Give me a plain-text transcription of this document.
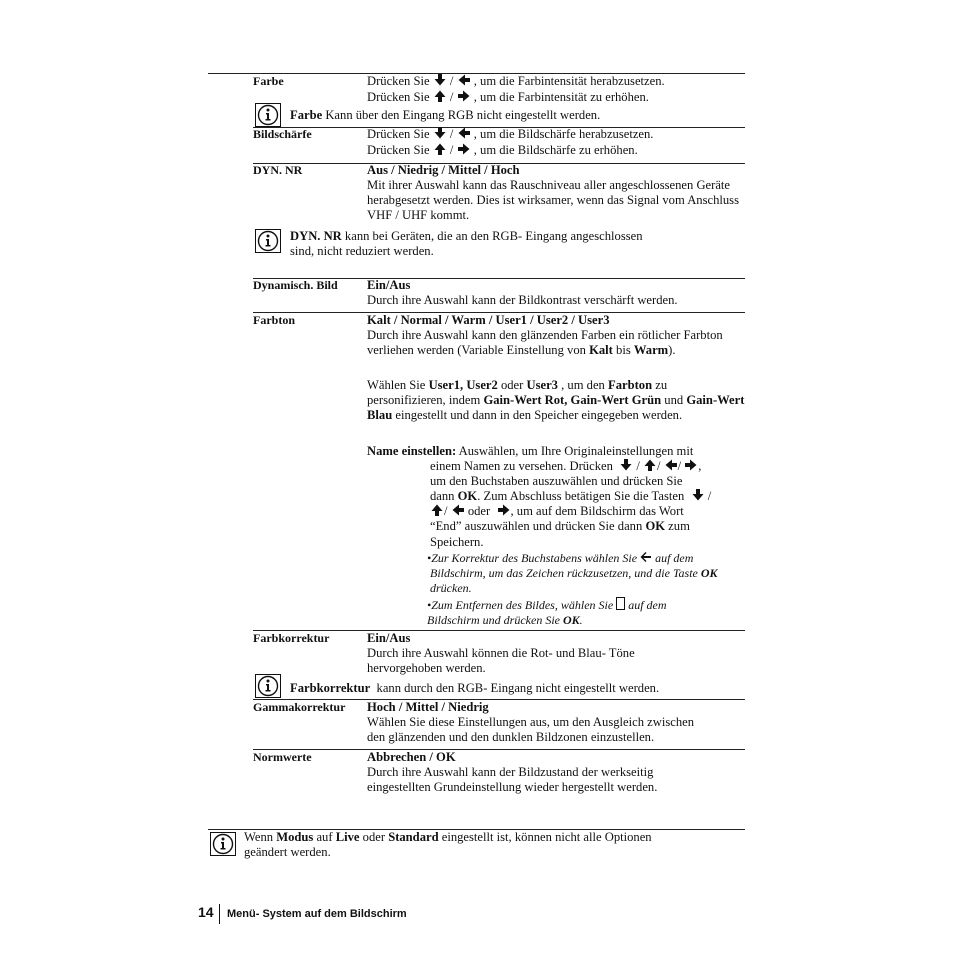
Farbe	Drücken Sie  /  , um die Farbintensität herabzusetzen.
Drücken Sie  /  , um die Farbintensität zu erhöhen.
Farbe Kann über den Eingang RGB nicht eingestellt werden.
Bildschärfe	Drücken Sie  /  , um die Bildschärfe herabzusetzen.
Drücken Sie  /  , um die Bildschärfe zu erhöhen.
DYN. NR	Aus / Niedrig / Mittel / Hoch
Mit ihrer Auswahl kann das Rauschniveau aller angeschlossenen Geräte herabgesetzt werden. Dies ist wirksamer, wenn das Signal vom Anschluss VHF / UHF kommt.
DYN. NR kann bei Geräten, die an den RGB- Eingang angeschlossen
sind, nicht reduziert werden.
Dynamisch. Bild Ein/Aus
Durch ihre Auswahl kann der Bildkontrast verschärft werden.
Farbton	Kalt / Normal / Warm / User1 / User2 / User3
Durch ihre Auswahl kann den glänzenden Farben ein rötlicher Farbton verliehen werden (Variable Einstellung von Kalt bis Warm).
Wählen Sie User1, User2 oder User3 , um den Farbton zu personifizieren, indem Gain-Wert Rot, Gain-Wert Grün und Gain-Wert Blau eingestellt und dann in den Speicher eingegeben werden.
Name einstellen: Auswählen, um Ihre Originaleinstellungen mit
einem Namen zu versehen. Drücken   / / / ,
um den Buchstaben auszuwählen und drücken Sie
dann OK. Zum Abschluss betätigen Sie die Tasten   /
/  oder , um auf dem Bildschirm das Wort
“End” auszuwählen und drücken Sie dann OK zum
Speichern.
•Zur Korrektur des Buchstabens wählen Sie  auf dem
Bildschirm, um das Zeichen rückzusetzen, und die Taste OK
drücken.
•Zum Entfernen des Bildes, wählen Sie  auf dem
Bildschirm und drücken Sie OK.
Farbkorrektur	Ein/Aus
Durch ihre Auswahl können die Rot- und Blau- Töne
hervorgehoben werden.
Farbkorrektur  kann durch den RGB- Eingang nicht eingestellt werden.
Gammakorrektur Hoch / Mittel / Niedrig
Wählen Sie diese Einstellungen aus, um den Ausgleich zwischen
den glänzenden und den dunklen Bildzonen einzustellen.
Normwerte	Abbrechen / OK
Durch ihre Auswahl kann der Bildzustand der werkseitig
eingestellten Grundeinstellung wieder hergestellt werden.
Wenn Modus auf Live oder Standard eingestellt ist, können nicht alle Optionen
geändert werden.
14 Menü- System auf dem Bildschirm
